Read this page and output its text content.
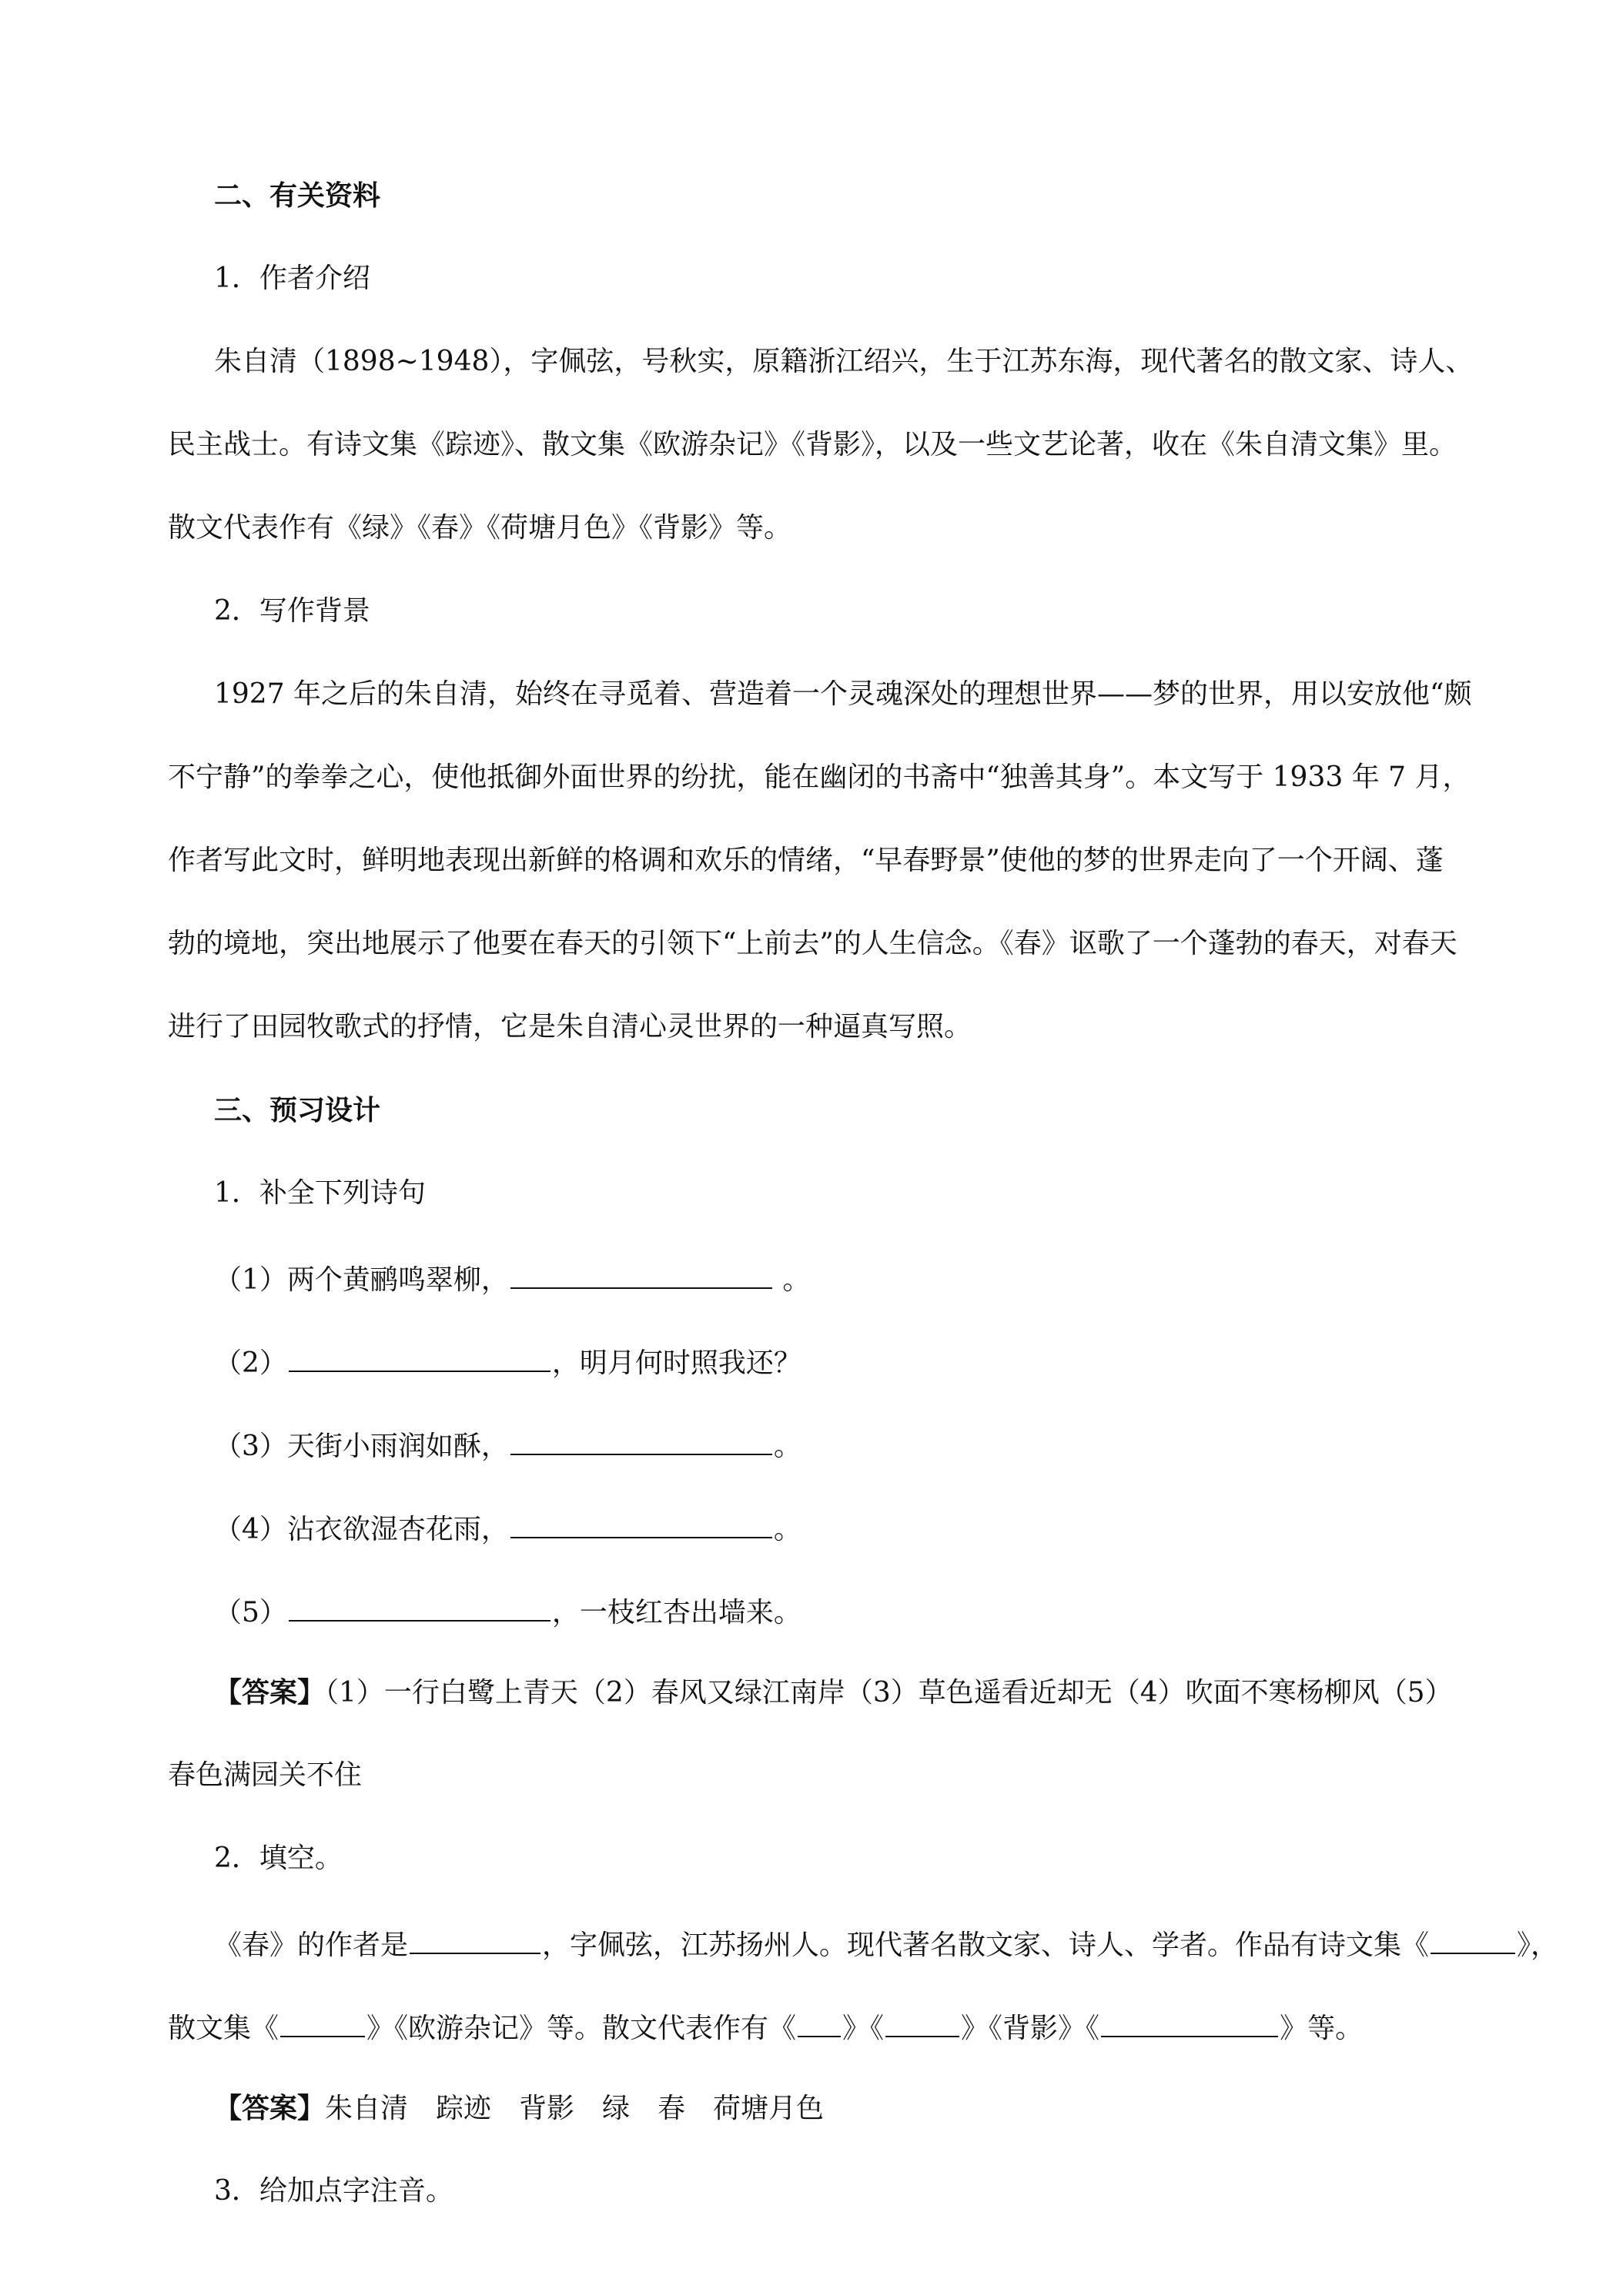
二、有关资料
1．作者介绍
朱自清（1898~1948），字佩弦，号秋实，原籍浙江绍兴，生于江苏东海，现代著名的散文家、诗人、
民主战士。有诗文集《踪迹》、散文集《欧游杂记》《背影》，以及一些文艺论著，收在《朱自清文集》里。
散文代表作有《绿》《春》《荷塘月色》《背影》等。
2．写作背景
1927 年之后的朱自清，始终在寻觅着、营造着一个灵魂深处的理想世界——梦的世界，用以安放他“颇
不宁静”的拳拳之心，使他抵御外面世界的纷扰，能在幽闭的书斋中“独善其身”。本文写于 1933 年 7 月，
作者写此文时，鲜明地表现出新鲜的格调和欢乐的情绪，“早春野景”使他的梦的世界走向了一个开阔、蓬
勃的境地，突出地展示了他要在春天的引领下“上前去”的人生信念。《春》讴歌了一个蓬勃的春天，对春天
进行了田园牧歌式的抒情，它是朱自清心灵世界的一种逼真写照。
三、预习设计
1．补全下列诗句
（1）两个黄鹂鸣翠柳，	。
（2）	，明月何时照我还？
（3）天街小雨润如酥，	。
（4）沾衣欲湿杏花雨，	。
（5）	，一枝红杏出墙来。
【答案】（1）一行白鹭上青天（2）春风又绿江南岸（3）草色遥看近却无（4）吹面不寒杨柳风（5）
春色满园关不住
2．填空。
《春》的作者是	，字佩弦，江苏扬州人。现代著名散文家、诗人、学者。作品有诗文集《	》，
散文集《	》《欧游杂记》等。散文代表作有《 》《	》《背影》《	》等。
【答案】朱自清　踪迹　背影　绿　春　荷塘月色
3．给加点字注音。
